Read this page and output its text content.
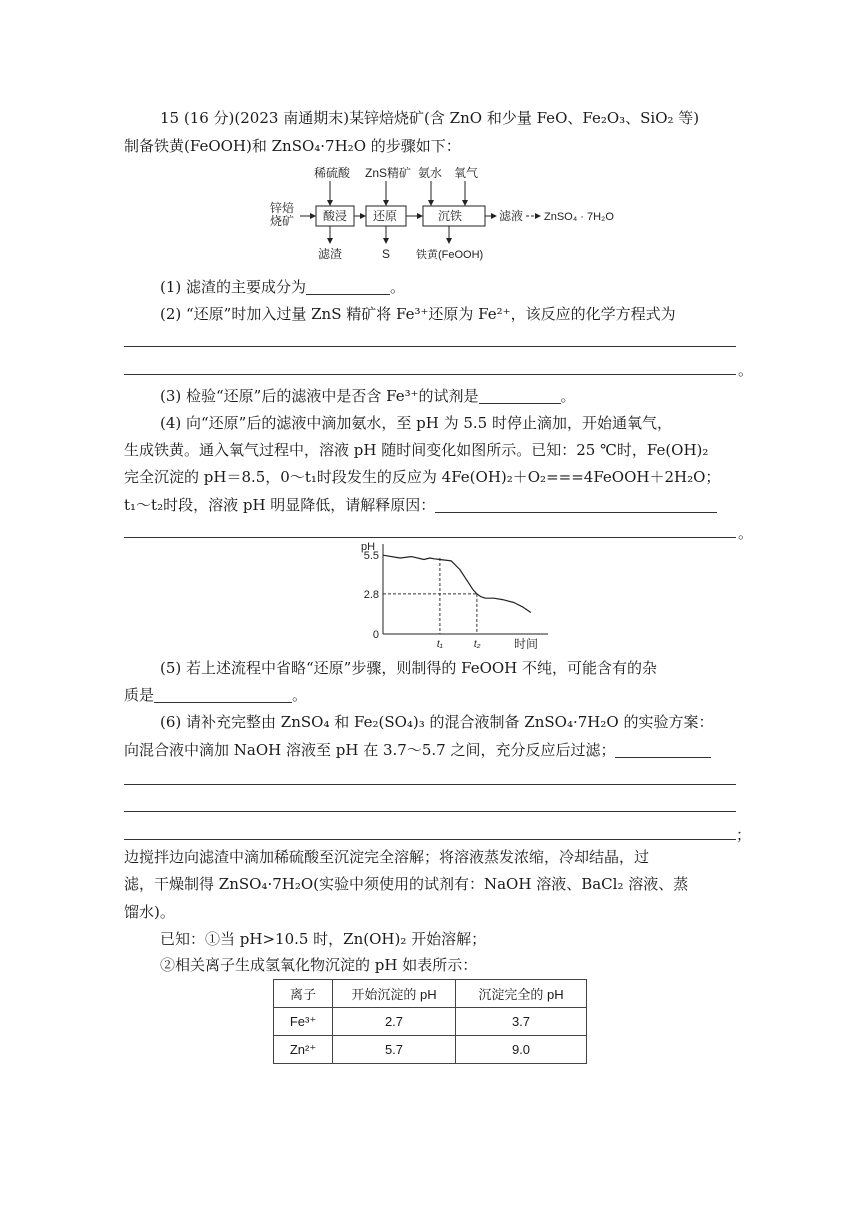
15 (16 分)(2023 南通期末)某锌焙烧矿(含 ZnO 和少量 FeO、Fe₂O₃、SiO₂ 等)
制备铁黄(FeOOH)和 ZnSO₄·7H₂O 的步骤如下：
稀硫酸 ZnS精矿 氨水 氧气
锌焙
烧矿 酸浸 还原	沉铁	滤液 ZnSO₄ · 7H₂O
滤渣	S 铁黄(FeOOH)
(1) 滤渣的主要成分为	。
(2) “还原”时加入过量 ZnS 精矿将 Fe³⁺还原为 Fe²⁺，该反应的化学方程式为
。
(3) 检验“还原”后的滤液中是否含 Fe³⁺的试剂是	。
(4) 向“还原”后的滤液中滴加氨水，至 pH 为 5.5 时停止滴加，开始通氧气，
生成铁黄。通入氧气过程中，溶液 pH 随时间变化如图所示。已知：25 ℃时，Fe(OH)₂
完全沉淀的 pH＝8.5，0～t₁时段发生的反应为 4Fe(OH)₂＋O₂===4FeOOH＋2H₂O；
t₁～t₂时段，溶液 pH 明显降低，请解释原因：
。
pH
时间
5.5
2.8
0
t₁	t₂
(5) 若上述流程中省略“还原”步骤，则制得的 FeOOH 不纯，可能含有的杂
质是	。
(6) 请补充完整由 ZnSO₄ 和 Fe₂(SO₄)₃ 的混合液制备 ZnSO₄·7H₂O 的实验方案：
向混合液中滴加 NaOH 溶液至 pH 在 3.7～5.7 之间，充分反应后过滤；
；
边搅拌边向滤渣中滴加稀硫酸至沉淀完全溶解；将溶液蒸发浓缩，冷却结晶，过
滤，干燥制得 ZnSO₄·7H₂O(实验中须使用的试剂有：NaOH 溶液、BaCl₂ 溶液、蒸
馏水)。
已知：①当 pH>10.5 时，Zn(OH)₂ 开始溶解；
②相关离子生成氢氧化物沉淀的 pH 如表所示：
离子	开始沉淀的 pH	沉淀完全的 pH
Fe³⁺	2.7	3.7
Zn²⁺	5.7	9.0
